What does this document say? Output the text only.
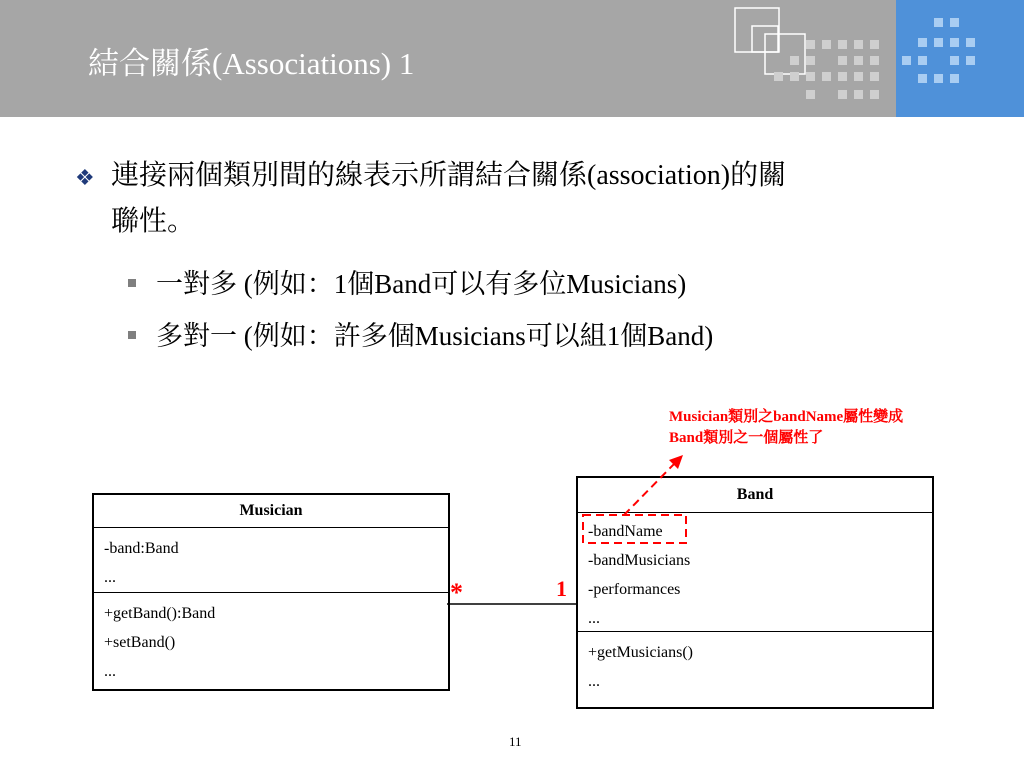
結合關係(Associations) 1
❖ 連接兩個類別間的線表示所謂結合關係(association)的關聯性。
一對多 (例如：1個Band可以有多位Musicians)
多對一 (例如：許多個Musicians可以組1個Band)
Musician
-band:Band
...
+getBand():Band
+setBand()
...
Band
-bandName
-bandMusicians
-performances
...
+getMusicians()
...
*	1
Musician類別之bandName屬性變成
Band類別之一個屬性了
11
